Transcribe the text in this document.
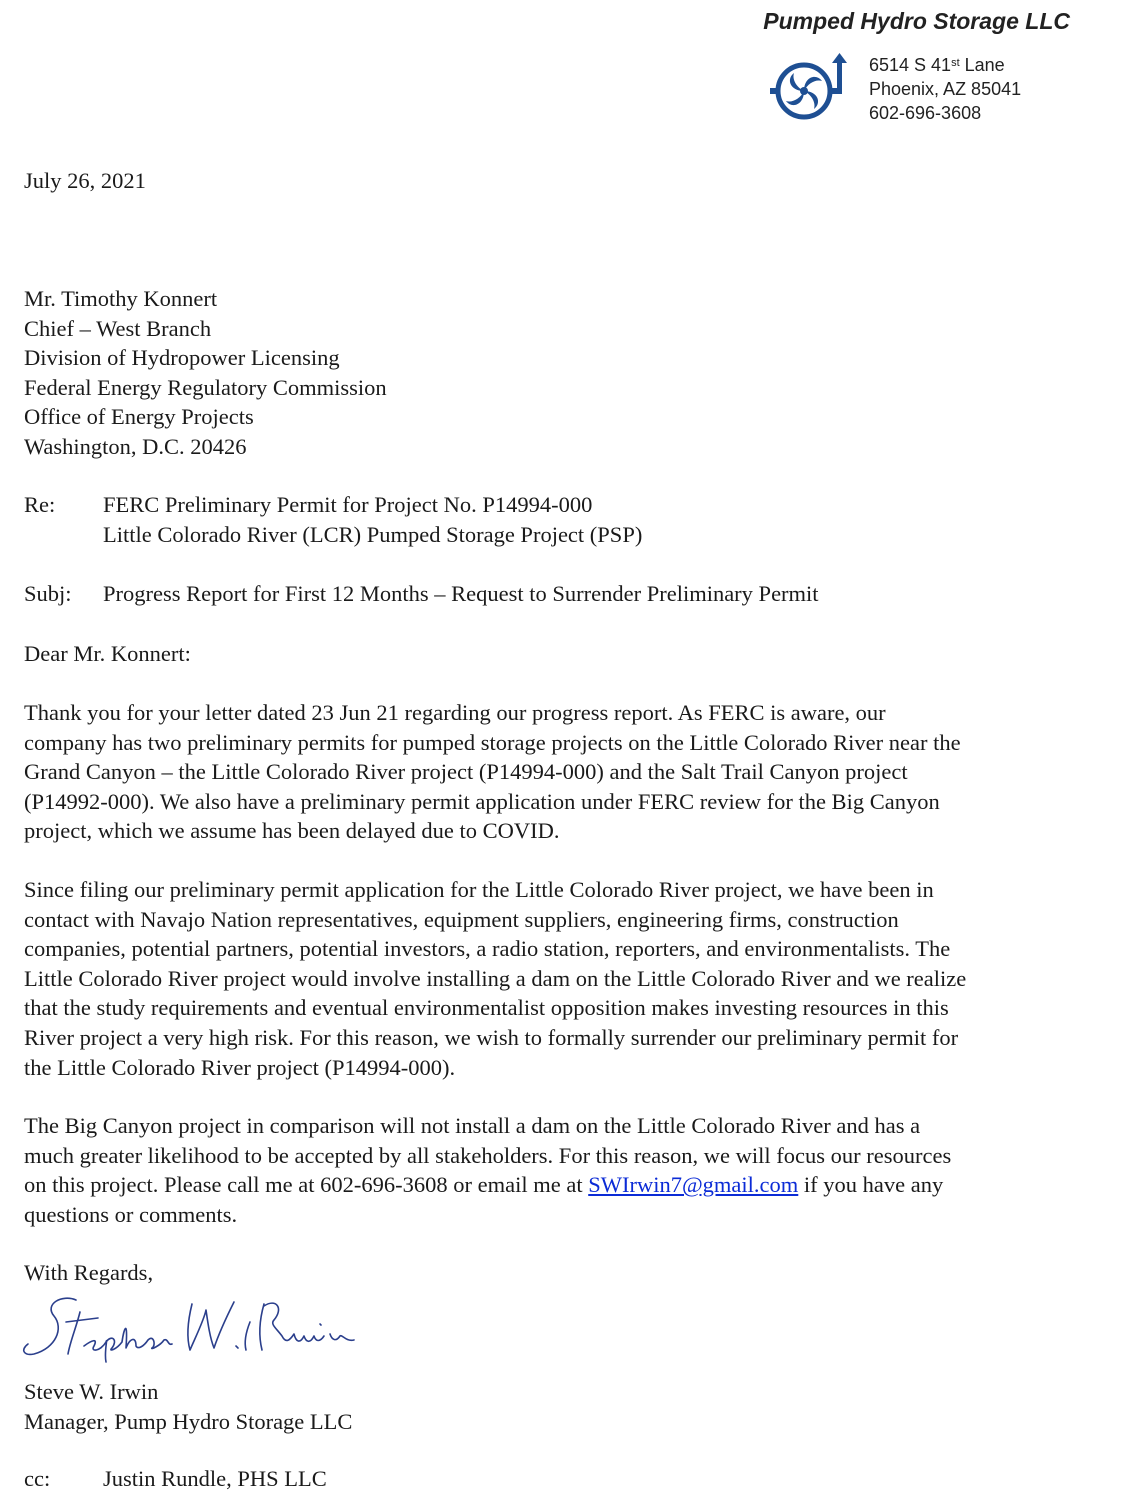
Pumped Hydro Storage LLC
6514 S 41st Lane
Phoenix, AZ 85041
602-696-3608
July 26, 2021
Mr. Timothy Konnert
Chief – West Branch
Division of Hydropower Licensing
Federal Energy Regulatory Commission
Office of Energy Projects
Washington, D.C. 20426
Re: FERC Preliminary Permit for Project No. P14994-000
Little Colorado River (LCR) Pumped Storage Project (PSP)
Subj: Progress Report for First 12 Months – Request to Surrender Preliminary Permit
Dear Mr. Konnert:
Thank you for your letter dated 23 Jun 21 regarding our progress report. As FERC is aware, our
company has two preliminary permits for pumped storage projects on the Little Colorado River near the
Grand Canyon – the Little Colorado River project (P14994-000) and the Salt Trail Canyon project
(P14992-000). We also have a preliminary permit application under FERC review for the Big Canyon
project, which we assume has been delayed due to COVID.
Since filing our preliminary permit application for the Little Colorado River project, we have been in
contact with Navajo Nation representatives, equipment suppliers, engineering firms, construction
companies, potential partners, potential investors, a radio station, reporters, and environmentalists. The
Little Colorado River project would involve installing a dam on the Little Colorado River and we realize
that the study requirements and eventual environmentalist opposition makes investing resources in this
River project a very high risk. For this reason, we wish to formally surrender our preliminary permit for
the Little Colorado River project (P14994-000).
The Big Canyon project in comparison will not install a dam on the Little Colorado River and has a
much greater likelihood to be accepted by all stakeholders. For this reason, we will focus our resources
on this project. Please call me at 602-696-3608 or email me at SWIrwin7@gmail.com if you have any
questions or comments.
With Regards,
Steve W. Irwin
Manager, Pump Hydro Storage LLC
cc: Justin Rundle, PHS LLC
